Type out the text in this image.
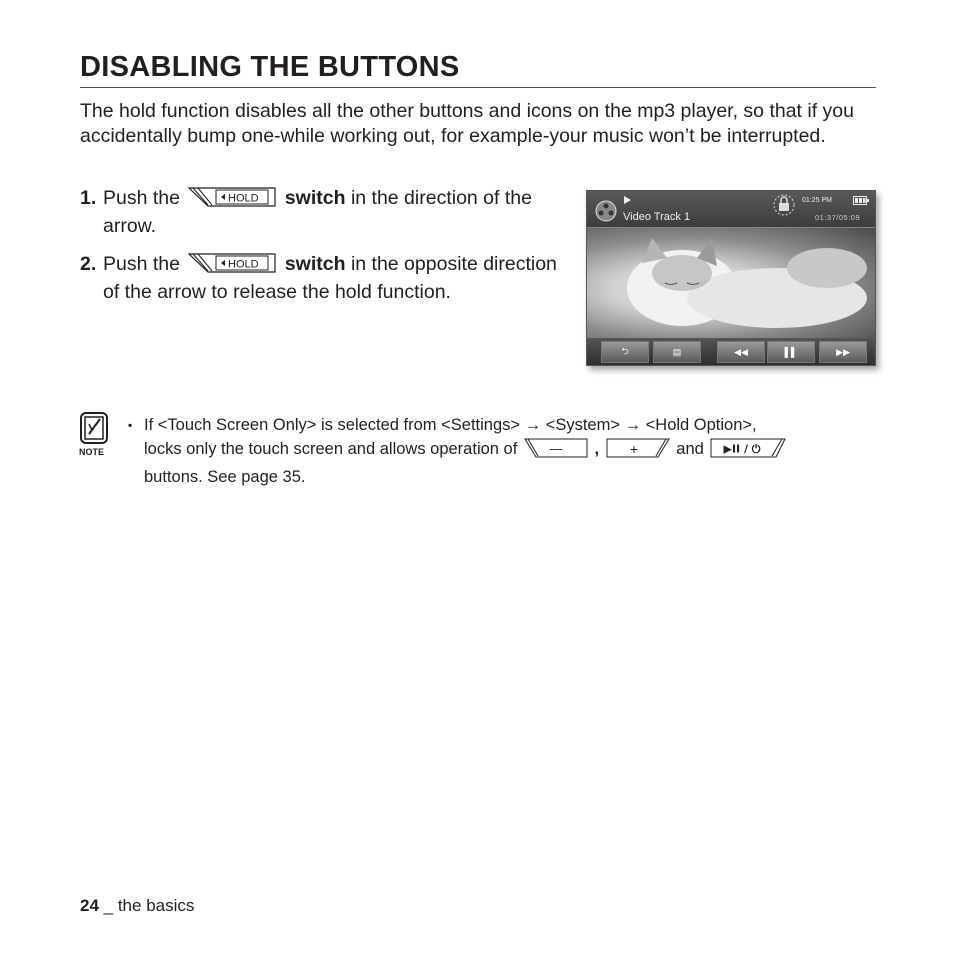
DISABLING THE BUTTONS
The hold function disables all the other buttons and icons on the mp3 player, so that if you accidentally bump one-while working out, for example-your music won’t be interrupted.
1. Push the	HOLD switch in the direction of the arrow.
2. Push the	HOLD switch in the opposite direction of the arrow to release the hold function.
01:25 PM
Video Track 1	01:37/05:09
⮌	▤	◀◀	▌▌	▶▶
NOTE
▪ If <Touch Screen Only> is selected from <Settings> → <System> → <Hold Option>,
locks only the touch screen and allows operation of — , + and ▶II / ⏻
buttons. See page 35.
24 _ the basics
